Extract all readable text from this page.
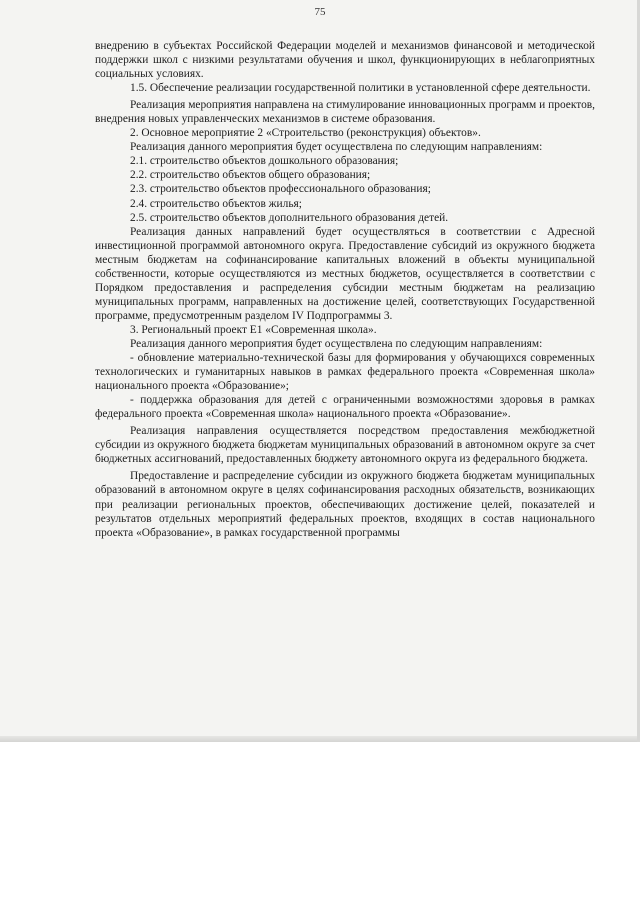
75

внедрению в субъектах Российской Федерации моделей и механизмов финансовой и методической поддержки школ с низкими результатами обучения и школ, функционирующих в неблагоприятных социальных условиях.

1.5. Обеспечение реализации государственной политики в установленной сфере деятельности.

Реализация мероприятия направлена на стимулирование инновационных программ и проектов, внедрения новых управленческих механизмов в системе образования.

2. Основное мероприятие 2 «Строительство (реконструкция) объектов».

Реализация данного мероприятия будет осуществлена по следующим направлениям:

2.1. строительство объектов дошкольного образования;

2.2. строительство объектов общего образования;

2.3. строительство объектов профессионального образования;

2.4. строительство объектов жилья;

2.5. строительство объектов дополнительного образования детей.

Реализация данных направлений будет осуществляться в соответствии с Адресной инвестиционной программой автономного округа. Предоставление субсидий из окружного бюджета местным бюджетам на софинансирование капитальных вложений в объекты муниципальной собственности, которые осуществляются из местных бюджетов, осуществляется в соответствии с Порядком предоставления и распределения субсидии местным бюджетам на реализацию муниципальных программ, направленных на достижение целей, соответствующих Государственной программе, предусмотренным разделом IV Подпрограммы 3.

3. Региональный проект Е1 «Современная школа».

Реализация данного мероприятия будет осуществлена по следующим направлениям:

- обновление материально-технической базы для формирования у обучающихся современных технологических и гуманитарных навыков в рамках федерального проекта «Современная школа» национального проекта «Образование»;

- поддержка образования для детей с ограниченными возможностями здоровья в рамках федерального проекта «Современная школа» национального проекта «Образование».

Реализация направления осуществляется посредством предоставления межбюджетной субсидии из окружного бюджета бюджетам муниципальных образований в автономном округе за счет бюджетных ассигнований, предоставленных бюджету автономного округа из федерального бюджета.

Предоставление и распределение субсидии из окружного бюджета бюджетам муниципальных образований в автономном округе в целях софинансирования расходных обязательств, возникающих при реализации региональных проектов, обеспечивающих достижение целей, показателей и результатов отдельных мероприятий федеральных проектов, входящих в состав национального проекта «Образование», в рамках государственной программы
